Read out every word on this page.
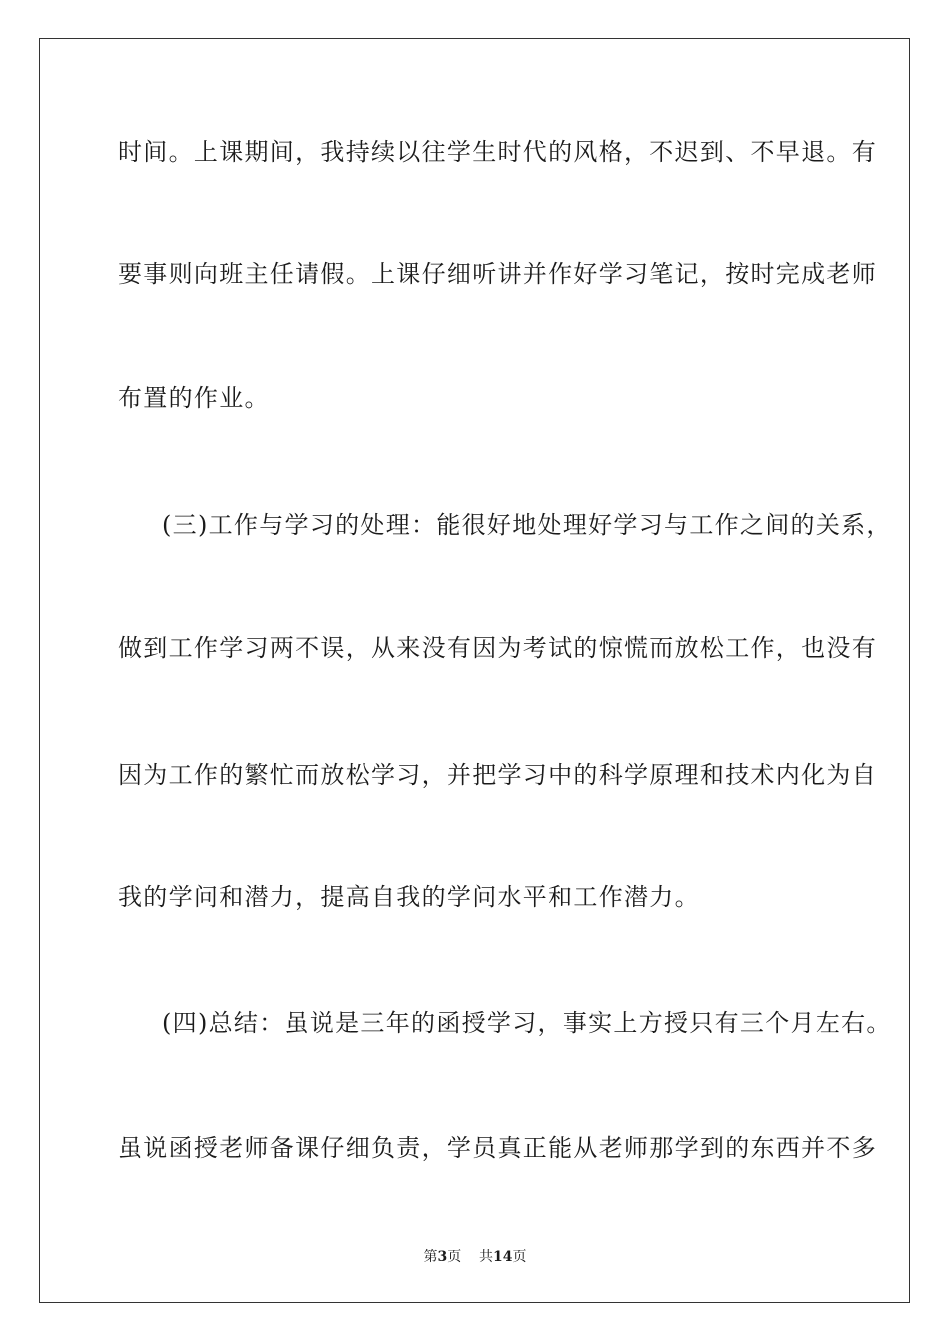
时间。上课期间，我持续以往学生时代的风格，不迟到、不早退。有
要事则向班主任请假。上课仔细听讲并作好学习笔记，按时完成老师
布置的作业。
(三)工作与学习的处理：能很好地处理好学习与工作之间的关系，
做到工作学习两不误，从来没有因为考试的惊慌而放松工作，也没有
因为工作的繁忙而放松学习，并把学习中的科学原理和技术内化为自
我的学问和潜力，提高自我的学问水平和工作潜力。
(四)总结：虽说是三年的函授学习，事实上方授只有三个月左右。
虽说函授老师备课仔细负责，学员真正能从老师那学到的东西并不多
第3页 共14页
